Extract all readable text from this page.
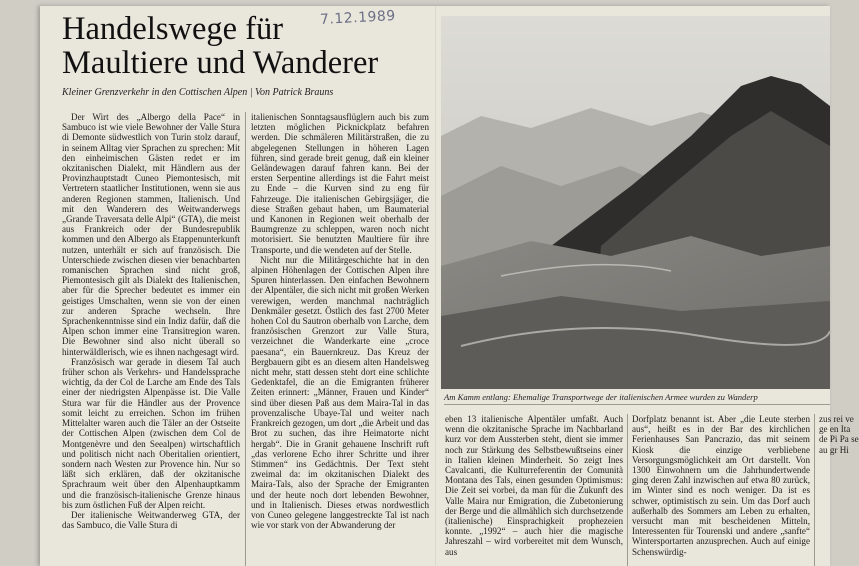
7.12.1989
Handelswege für
Maultiere und Wanderer
Kleiner Grenzverkehr in den Cottischen Alpen | Von Patrick Brauns

Der Wirt des „Albergo della Pace“ in Sambuco ist wie viele Bewohner der Valle Stura di Demonte südwestlich von Turin stolz darauf, in seinem Alltag vier Sprachen zu sprechen: Mit den einheimischen Gästen redet er im okzitanischen Dialekt, mit Händlern aus der Provinzhauptstadt Cuneo Piemontesisch, mit Vertretern staatlicher Institutionen, wenn sie aus anderen Regionen stammen, Italienisch. Und mit den Wanderern des Weitwanderwegs „Grande Traversata delle Alpi“ (GTA), die meist aus Frankreich oder der Bundesrepublik kommen und den Albergo als Etappenunterkunft nutzen, unterhält er sich auf französisch. Die Unterschiede zwischen diesen vier benachbarten romanischen Sprachen sind nicht groß, Piemontesisch gilt als Dialekt des Italienischen, aber für die Sprecher bedeutet es immer ein geistiges Umschalten, wenn sie von der einen zur anderen Sprache wechseln. Ihre Sprachenkenntnisse sind ein Indiz dafür, daß die Alpen schon immer eine Transitregion waren. Die Bewohner sind also nicht überall so hinterwäldlerisch, wie es ihnen nachgesagt wird.

Französisch war gerade in diesem Tal auch früher schon als Verkehrs- und Handelssprache wichtig, da der Col de Larche am Ende des Tals einer der niedrigsten Alpenpässe ist. Die Valle Stura war für die Händler aus der Provence somit leicht zu erreichen. Schon im frühen Mittelalter waren auch die Täler an der Ostseite der Cottischen Alpen (zwischen dem Col de Montgenèvre und den Seealpen) wirtschaftlich und politisch nicht nach Oberitalien orientiert, sondern nach Westen zur Provence hin. Nur so läßt sich erklären, daß der okzitanische Sprachraum weit über den Alpenhauptkamm und die französisch-italienische Grenze hinaus bis zum östlichen Fuß der Alpen reicht.

Der italienische Weitwanderweg GTA, der das Sambuco, die Valle Stura di

italienischen Sonntagsausflüglern auch bis zum letzten möglichen Picknickplatz befahren werden. Die schmäleren Militärstraßen, die zu abgelegenen Stellungen in höheren Lagen führen, sind gerade breit genug, daß ein kleiner Geländewagen darauf fahren kann. Bei der ersten Serpentine allerdings ist die Fahrt meist zu Ende – die Kurven sind zu eng für Fahrzeuge. Die italienischen Gebirgsjäger, die diese Straßen gebaut haben, um Baumaterial und Kanonen in Regionen weit oberhalb der Baumgrenze zu schleppen, waren noch nicht motorisiert. Sie benutzten Maultiere für ihre Transporte, und die wendeten auf der Stelle.

Nicht nur die Militärgeschichte hat in den alpinen Höhenlagen der Cottischen Alpen ihre Spuren hinterlassen. Den einfachen Bewohnern der Alpentäler, die sich nicht mit großen Werken verewigen, werden manchmal nachträglich Denkmäler gesetzt. Östlich des fast 2700 Meter hohen Col du Sautron oberhalb von Larche, dem französischen Grenzort zur Valle Stura, verzeichnet die Wanderkarte eine „croce paesana“, ein Bauernkreuz. Das Kreuz der Bergbauern gibt es an diesem alten Handelsweg nicht mehr, statt dessen steht dort eine schlichte Gedenktafel, die an die Emigranten früherer Zeiten erinnert: „Männer, Frauen und Kinder“ sind über diesen Paß aus dem Maira-Tal in das provenzalische Ubaye-Tal und weiter nach Frankreich gezogen, um dort „die Arbeit und das Brot zu suchen, das ihre Heimatorte nicht hergab“. Die in Granit gehauene Inschrift ruft „das verlorene Echo ihrer Schritte und ihrer Stimmen“ ins Gedächtnis. Der Text steht zweimal da: im okzitanischen Dialekt des Maira-Tals, also der Sprache der Emigranten und der heute noch dort lebenden Bewohner, und in Italienisch. Dieses etwas nordwestlich von Cuneo gelegene langgestreckte Tal ist nach wie vor stark von der Abwanderung der

Am Kamm entlang: Ehemalige Transportwege der italienischen Armee wurden zu Wanderp

eben 13 italienische Alpentäler umfaßt. Auch wenn die okzitanische Sprache im Nachbarland kurz vor dem Aussterben steht, dient sie immer noch zur Stärkung des Selbstbewußtseins einer in Italien kleinen Minderheit. So zeigt Ines Cavalcanti, die Kulturreferentin der Comunità Montana des Tals, einen gesunden Optimismus: Die Zeit sei vorbei, da man für die Zukunft des Valle Maira nur Emigration, die Zubetonierung der Berge und die allmählich sich durchsetzende (italienische) Einsprachigkeit prophezeien konnte. „1992“ – auch hier die magische Jahreszahl – wird vorbereitet mit dem Wunsch, aus

Dorfplatz benannt ist. Aber „die Leute sterben aus“, heißt es in der Bar des kirchlichen Ferienhauses San Pancrazio, das mit seinem Kiosk die einzige verbliebene Versorgungsmöglichkeit am Ort darstellt. Von 1300 Einwohnern um die Jahrhundertwende ging deren Zahl inzwischen auf etwa 80 zurück, im Winter sind es noch weniger. Da ist es schwer, optimistisch zu sein. Um das Dorf auch außerhalb des Sommers am Leben zu erhalten, versucht man mit bescheidenen Mitteln, Interessenten für Tourenski und andere „sanfte“ Wintersportarten anzusprechen. Auch auf einige Schenswürdig-

zus rei ve ge en Ita de Pi Pa se au gr Hi
